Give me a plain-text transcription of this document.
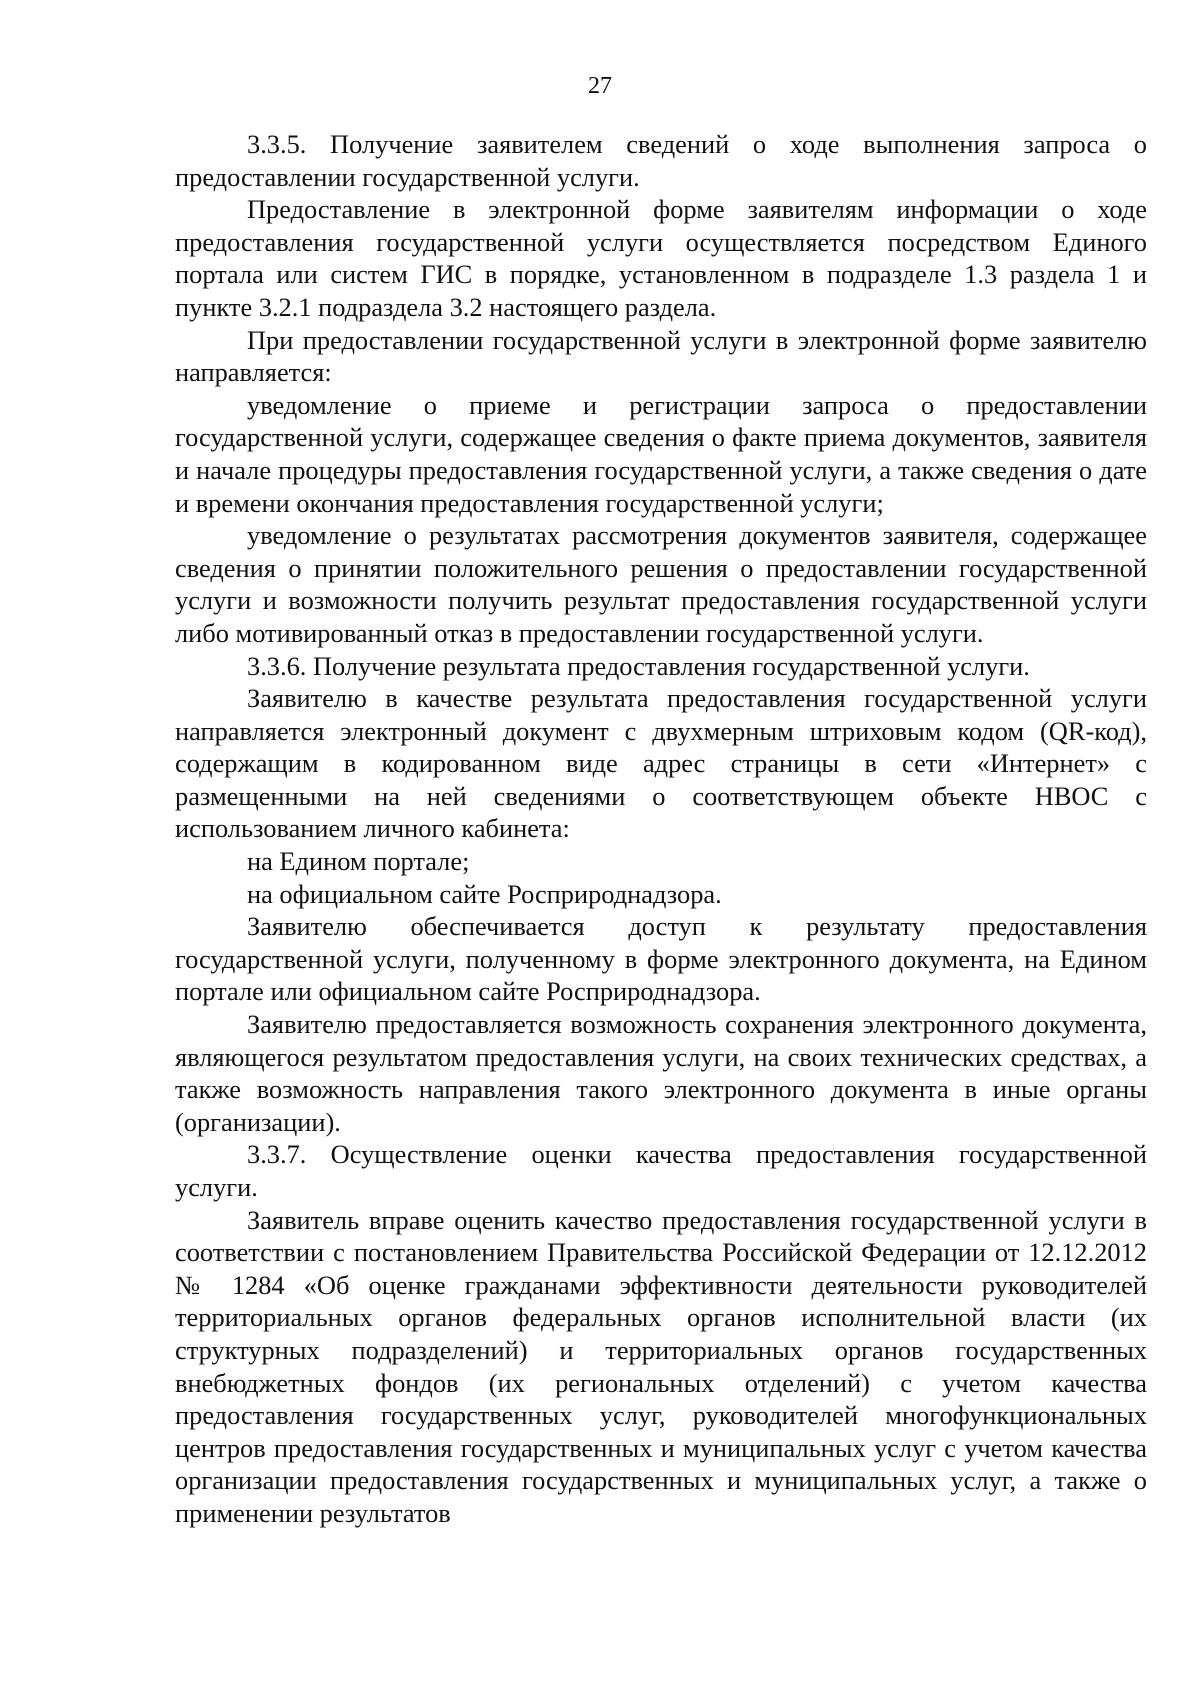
27

3.3.5. Получение заявителем сведений о ходе выполнения запроса о предоставлении государственной услуги.

Предоставление в электронной форме заявителям информации о ходе предоставления государственной услуги осуществляется посредством Единого портала или систем ГИС в порядке, установленном в подразделе 1.3 раздела 1 и пункте 3.2.1 подраздела 3.2 настоящего раздела.

При предоставлении государственной услуги в электронной форме заявителю направляется:

уведомление о приеме и регистрации запроса о предоставлении государственной услуги, содержащее сведения о факте приема документов, заявителя и начале процедуры предоставления государственной услуги, а также сведения о дате и времени окончания предоставления государственной услуги;

уведомление о результатах рассмотрения документов заявителя, содержащее сведения о принятии положительного решения о предоставлении государственной услуги и возможности получить результат предоставления государственной услуги либо мотивированный отказ в предоставлении государственной услуги.

3.3.6. Получение результата предоставления государственной услуги.

Заявителю в качестве результата предоставления государственной услуги направляется электронный документ с двухмерным штриховым кодом (QR-код), содержащим в кодированном виде адрес страницы в сети «Интернет» с размещенными на ней сведениями о соответствующем объекте НВОС с использованием личного кабинета:

на Едином портале;

на официальном сайте Росприроднадзора.

Заявителю обеспечивается доступ к результату предоставления государственной услуги, полученному в форме электронного документа, на Едином портале или официальном сайте Росприроднадзора.

Заявителю предоставляется возможность сохранения электронного документа, являющегося результатом предоставления услуги, на своих технических средствах, а также возможность направления такого электронного документа в иные органы (организации).

3.3.7. Осуществление оценки качества предоставления государственной услуги.

Заявитель вправе оценить качество предоставления государственной услуги в соответствии с постановлением Правительства Российской Федерации от 12.12.2012 № 1284 «Об оценке гражданами эффективности деятельности руководителей территориальных органов федеральных органов исполнительной власти (их структурных подразделений) и территориальных органов государственных внебюджетных фондов (их региональных отделений) с учетом качества предоставления государственных услуг, руководителей многофункциональных центров предоставления государственных и муниципальных услуг с учетом качества организации предоставления государственных и муниципальных услуг, а также о применении результатов
